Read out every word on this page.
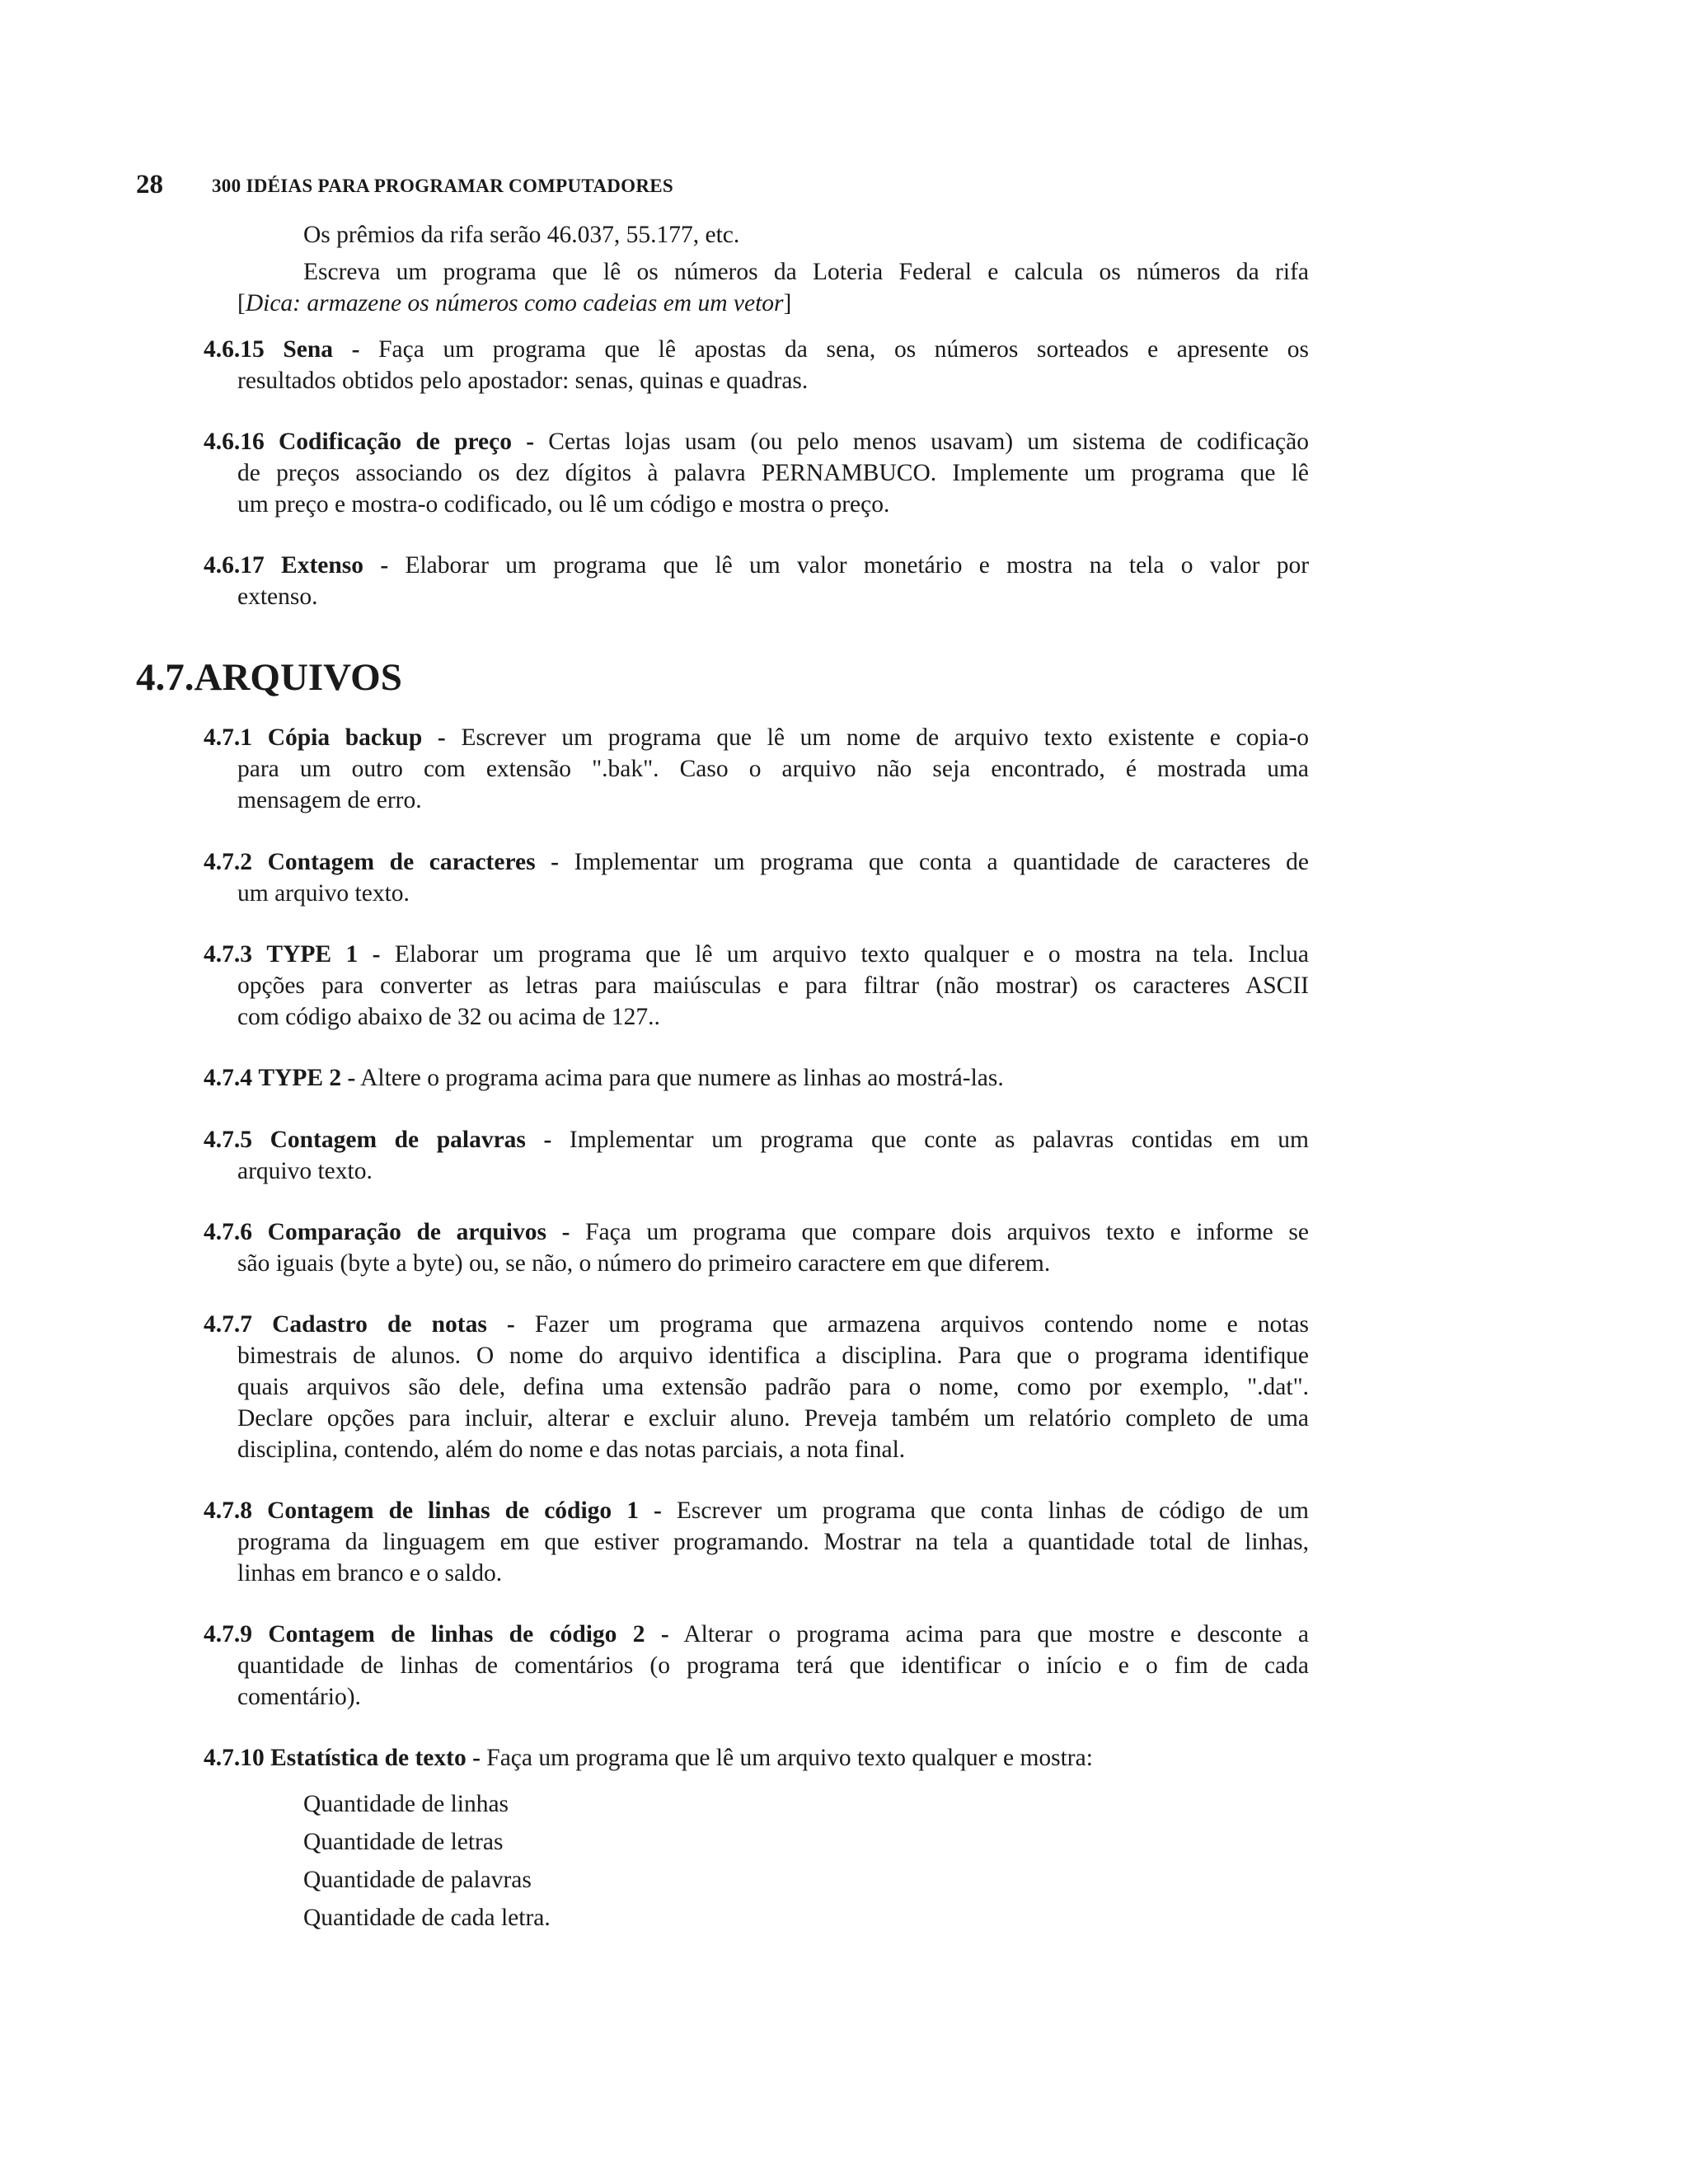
28	300 IDÉIAS PARA PROGRAMAR COMPUTADORES
Os prêmios da rifa serão 46.037, 55.177, etc.
Escreva um programa que lê os números da Loteria Federal e calcula os números da rifa
[Dica: armazene os números como cadeias em um vetor]
4.6.15 Sena - Faça um programa que lê apostas da sena, os números sorteados e apresente os
resultados obtidos pelo apostador: senas, quinas e quadras.
4.6.16 Codificação de preço - Certas lojas usam (ou pelo menos usavam) um sistema de codificação
de preços associando os dez dígitos à palavra PERNAMBUCO. Implemente um programa que lê
um preço e mostra-o codificado, ou lê um código e mostra o preço.
4.6.17 Extenso - Elaborar um programa que lê um valor monetário e mostra na tela o valor por
extenso.
4.7.ARQUIVOS
4.7.1 Cópia backup - Escrever um programa que lê um nome de arquivo texto existente e copia-o
para um outro com extensão ".bak". Caso o arquivo não seja encontrado, é mostrada uma
mensagem de erro.
4.7.2 Contagem de caracteres - Implementar um programa que conta a quantidade de caracteres de
um arquivo texto.
4.7.3 TYPE 1 - Elaborar um programa que lê um arquivo texto qualquer e o mostra na tela. Inclua
opções para converter as letras para maiúsculas e para filtrar (não mostrar) os caracteres ASCII
com código abaixo de 32 ou acima de 127..
4.7.4 TYPE 2 - Altere o programa acima para que numere as linhas ao mostrá-las.
4.7.5 Contagem de palavras - Implementar um programa que conte as palavras contidas em um
arquivo texto.
4.7.6 Comparação de arquivos - Faça um programa que compare dois arquivos texto e informe se
são iguais (byte a byte) ou, se não, o número do primeiro caractere em que diferem.
4.7.7 Cadastro de notas - Fazer um programa que armazena arquivos contendo nome e notas
bimestrais de alunos. O nome do arquivo identifica a disciplina. Para que o programa identifique
quais arquivos são dele, defina uma extensão padrão para o nome, como por exemplo, ".dat".
Declare opções para incluir, alterar e excluir aluno. Preveja também um relatório completo de uma
disciplina, contendo, além do nome e das notas parciais, a nota final.
4.7.8 Contagem de linhas de código 1 - Escrever um programa que conta linhas de código de um
programa da linguagem em que estiver programando. Mostrar na tela a quantidade total de linhas,
linhas em branco e o saldo.
4.7.9 Contagem de linhas de código 2 - Alterar o programa acima para que mostre e desconte a
quantidade de linhas de comentários (o programa terá que identificar o início e o fim de cada
comentário).
4.7.10 Estatística de texto - Faça um programa que lê um arquivo texto qualquer e mostra:
Quantidade de linhas
Quantidade de letras
Quantidade de palavras
Quantidade de cada letra.
